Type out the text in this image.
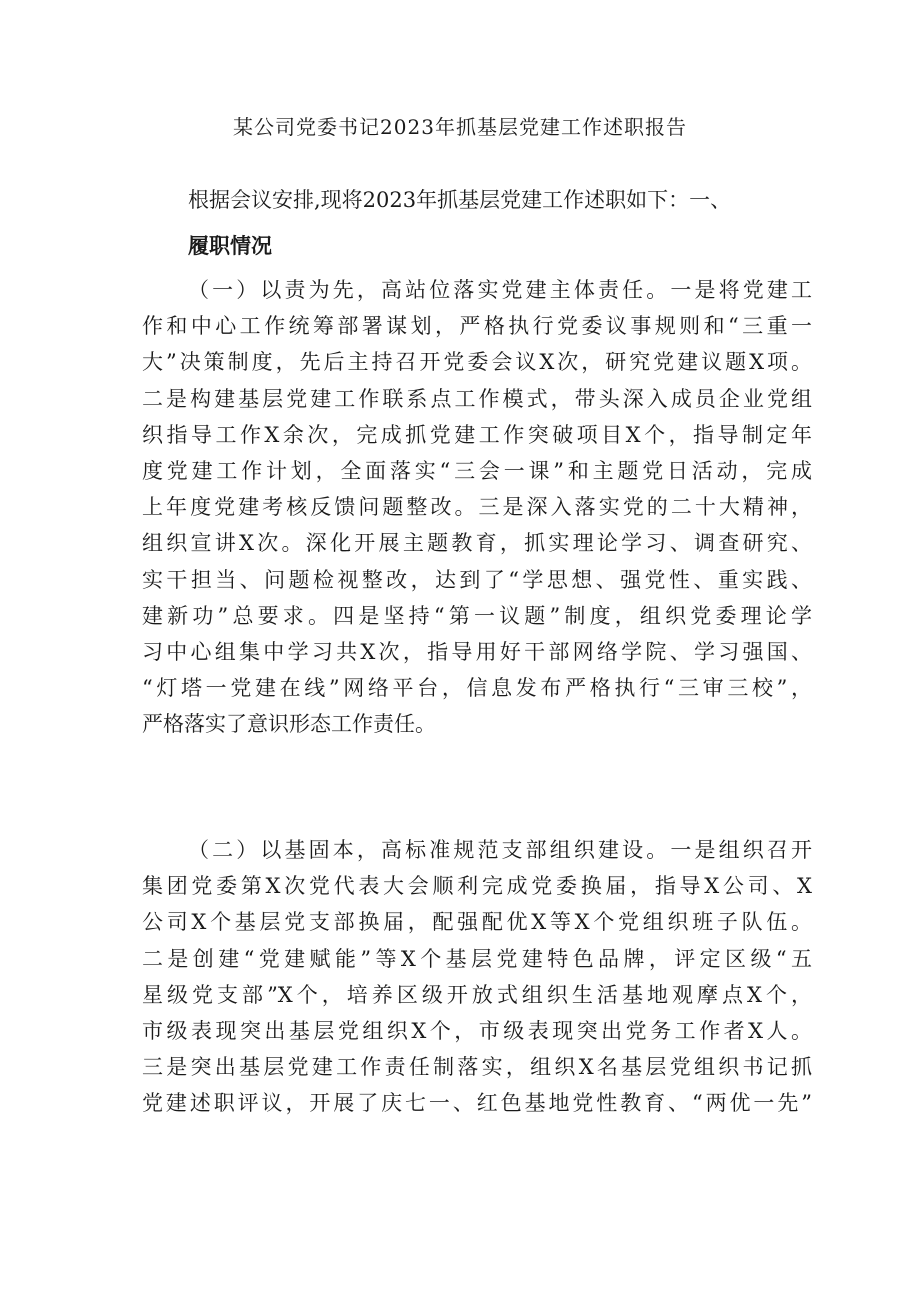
某公司党委书记2023年抓基层党建工作述职报告
根据会议安排,现将2023年抓基层党建工作述职如下：一、
履职情况
（一）以责为先，高站位落实党建主体责任。一是将党建工
作和中心工作统筹部署谋划，严格执行党委议事规则和“三重一
大”决策制度，先后主持召开党委会议X次，研究党建议题X项。
二是构建基层党建工作联系点工作模式，带头深入成员企业党组
织指导工作X余次，完成抓党建工作突破项目X个，指导制定年
度党建工作计划，全面落实“三会一课”和主题党日活动，完成
上年度党建考核反馈问题整改。三是深入落实党的二十大精神，
组织宣讲X次。深化开展主题教育，抓实理论学习、调查研究、
实干担当、问题检视整改，达到了“学思想、强党性、重实践、
建新功”总要求。四是坚持“第一议题”制度，组织党委理论学
习中心组集中学习共X次，指导用好干部网络学院、学习强国、
“灯塔一党建在线”网络平台，信息发布严格执行“三审三校”，
严格落实了意识形态工作责任。
（二）以基固本，高标准规范支部组织建设。一是组织召开
集团党委第X次党代表大会顺利完成党委换届，指导X公司、X
公司X个基层党支部换届，配强配优X等X个党组织班子队伍。
二是创建“党建赋能”等X个基层党建特色品牌，评定区级“五
星级党支部”X个，培养区级开放式组织生活基地观摩点X个，
市级表现突出基层党组织X个，市级表现突出党务工作者X人。
三是突出基层党建工作责任制落实，组织X名基层党组织书记抓
党建述职评议，开展了庆七一、红色基地党性教育、“两优一先”
